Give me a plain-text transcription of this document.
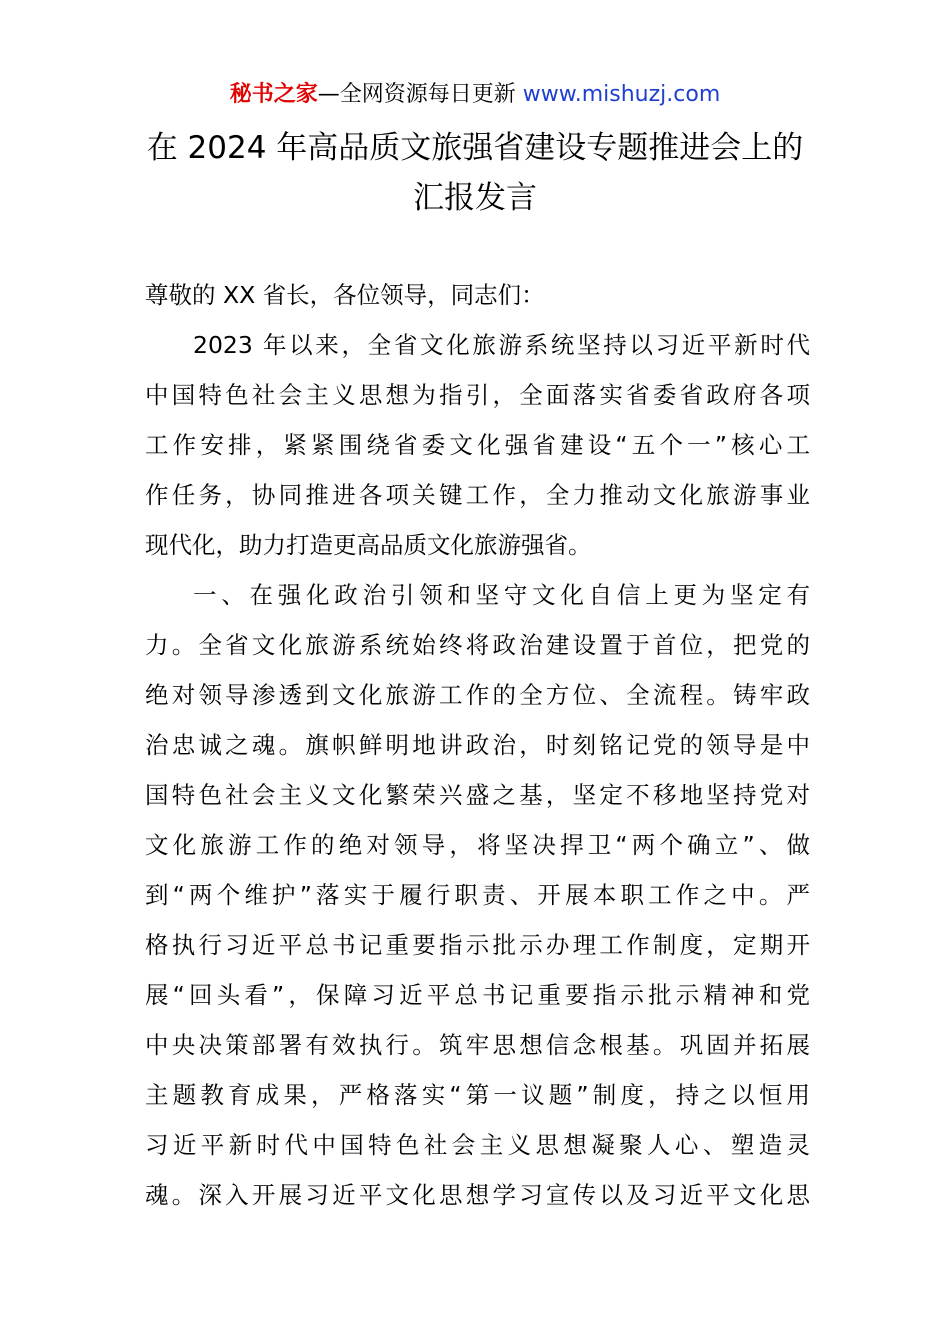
秘书之家—全网资源每日更新 www.mishuzj.com
在 2024 年高品质文旅强省建设专题推进会上的
汇报发言
尊敬的 XX 省长，各位领导，同志们：
2023 年以来，全省文化旅游系统坚持以习近平新时代
中国特色社会主义思想为指引，全面落实省委省政府各项
工作安排，紧紧围绕省委文化强省建设“五个一”核心工
作任务，协同推进各项关键工作，全力推动文化旅游事业
现代化，助力打造更高品质文化旅游强省。
一、在强化政治引领和坚守文化自信上更为坚定有
力。全省文化旅游系统始终将政治建设置于首位，把党的
绝对领导渗透到文化旅游工作的全方位、全流程。铸牢政
治忠诚之魂。旗帜鲜明地讲政治，时刻铭记党的领导是中
国特色社会主义文化繁荣兴盛之基，坚定不移地坚持党对
文化旅游工作的绝对领导，将坚决捍卫“两个确立”、做
到“两个维护”落实于履行职责、开展本职工作之中。严
格执行习近平总书记重要指示批示办理工作制度，定期开
展“回头看”，保障习近平总书记重要指示批示精神和党
中央决策部署有效执行。筑牢思想信念根基。巩固并拓展
主题教育成果，严格落实“第一议题”制度，持之以恒用
习近平新时代中国特色社会主义思想凝聚人心、塑造灵
魂。深入开展习近平文化思想学习宣传以及习近平文化思
